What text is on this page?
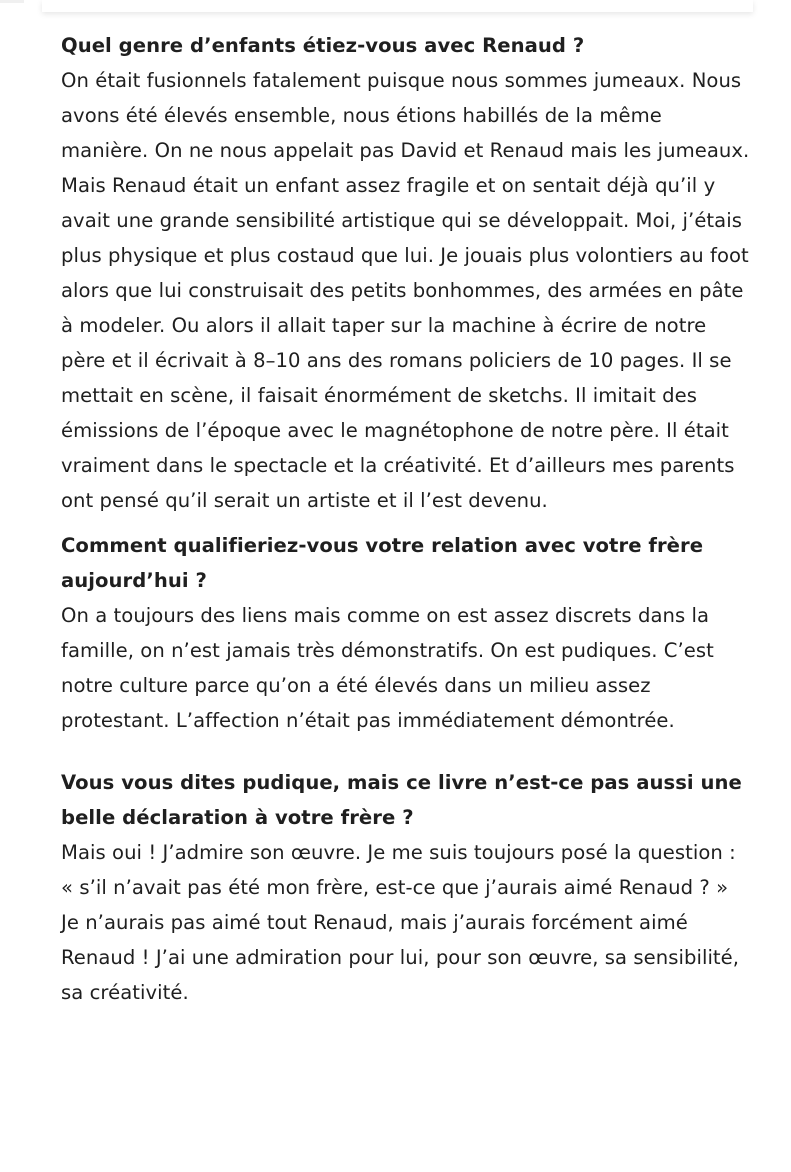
Quel genre d’enfants étiez-vous avec Renaud ?

On était fusionnels fatalement puisque nous sommes jumeaux. Nous avons été élevés ensemble, nous étions habillés de la même manière. On ne nous appelait pas David et Renaud mais les jumeaux. Mais Renaud était un enfant assez fragile et on sentait déjà qu’il y avait une grande sensibilité artistique qui se développait. Moi, j’étais plus physique et plus costaud que lui. Je jouais plus volontiers au foot alors que lui construisait des petits bonhommes, des armées en pâte à modeler. Ou alors il allait taper sur la machine à écrire de notre père et il écrivait à 8–10 ans des romans policiers de 10 pages. Il se mettait en scène, il faisait énormément de sketchs. Il imitait des émissions de l’époque avec le magnétophone de notre père. Il était vraiment dans le spectacle et la créativité. Et d’ailleurs mes parents ont pensé qu’il serait un artiste et il l’est devenu.

Comment qualifieriez-vous votre relation avec votre frère aujourd’hui ?

On a toujours des liens mais comme on est assez discrets dans la famille, on n’est jamais très démonstratifs. On est pudiques. C’est notre culture parce qu’on a été élevés dans un milieu assez protestant. L’affection n’était pas immédiatement démontrée.

Vous vous dites pudique, mais ce livre n’est-ce pas aussi une belle déclaration à votre frère ?

Mais oui ! J’admire son œuvre. Je me suis toujours posé la question : « s’il n’avait pas été mon frère, est-ce que j’aurais aimé Renaud ? » Je n’aurais pas aimé tout Renaud, mais j’aurais forcément aimé Renaud ! J’ai une admiration pour lui, pour son œuvre, sa sensibilité, sa créativité.
